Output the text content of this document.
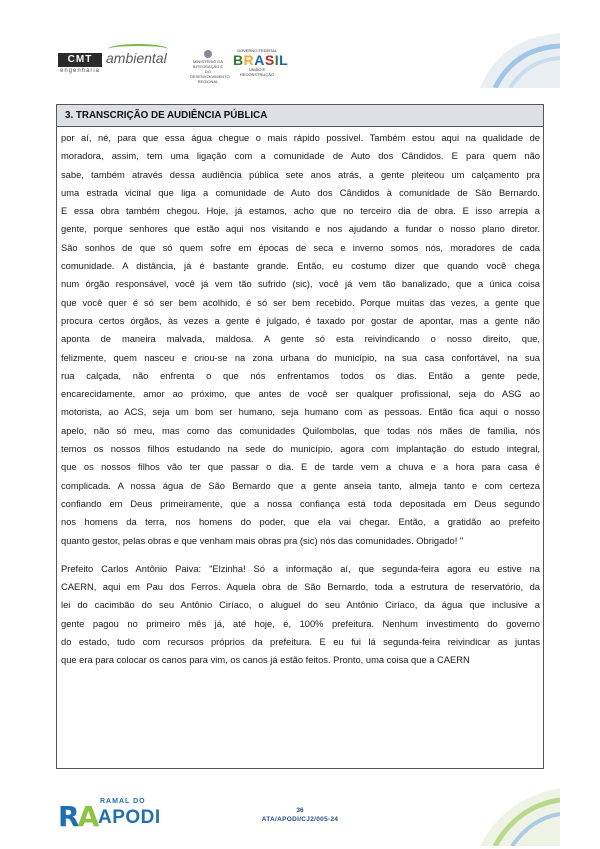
CMT
engenharia
ambiental	MINISTÉRIO DA INTEGRAÇÃO E DO DESENVOLVIMENTO REGIONAL
GOVERNO FEDERAL
BRASIL
UNIÃO E RECONSTRUÇÃO
3. TRANSCRIÇÃO DE AUDIÊNCIA PÚBLICA

por aí, né, para que essa água chegue o mais rápido possível. Também estou aqui na qualidade de

moradora, assim, tem uma ligação com a comunidade de Auto dos Cândidos. E para quem não

sabe, também através dessa audiência pública sete anos atrás, a gente pleiteou um calçamento pra

uma estrada vicinal que liga a comunidade de Auto dos Cândidos à comunidade de São Bernardo.

E essa obra também chegou. Hoje, já estamos, acho que no terceiro dia de obra. E isso arrepia a

gente, porque senhores que estão aqui nos visitando e nos ajudando a fundar o nosso plano diretor.

São sonhos de que só quem sofre em épocas de seca e inverno somos nós, moradores de cada

comunidade. A distância, já é bastante grande. Então, eu costumo dizer que quando você chega

num órgão responsável, você já vem tão sufrido (sic), você já vem tão banalizado, que a única coisa

que você quer é só ser bem acolhido, é só ser bem recebido. Porque muitas das vezes, a gente que

procura certos órgãos, às vezes a gente é julgado, é taxado por gostar de apontar, mas a gente não

aponta de maneira malvada, maldosa. A gente só esta reivindicando o nosso direito, que,

felizmente, quem nasceu e criou-se na zona urbana do município, na sua casa confortável, na sua

rua calçada, não enfrenta o que nós enfrentamos todos os dias. Então a gente pede,

encarecidamente, amor ao próximo, que antes de você ser qualquer profissional, seja do ASG ao

motorista, ao ACS, seja um bom ser humano, seja humano com as pessoas. Então fica aqui o nosso

apelo, não só meu, mas como das comunidades Quilombolas, que todas nós mães de família, nós

temos os nossos filhos estudando na sede do município, agora com implantação do estudo integral,

que os nossos filhos vão ter que passar o dia. E de tarde vem a chuva e a hora para casa é

complicada. A nossa água de São Bernardo que a gente anseia tanto, almeja tanto e com certeza

confiando em Deus primeiramente, que a nossa confiança está toda depositada em Deus segundo

nos homens da terra, nos homens do poder, que ela vai chegar. Então, a gratidão ao prefeito

quanto gestor, pelas obras e que venham mais obras pra (sic) nós das comunidades. Obrigado! "

Prefeito Carlos Antônio Paiva: "Elzinha! Só a informação aí, que segunda-feira agora eu estive na

CAERN, aqui em Pau dos Ferros. Aquela obra de São Bernardo, toda a estrutura de reservatório, da

lei do cacimbão do seu Antônio Ciríaco, o aluguel do seu Antônio Ciríaco, da água que inclusive a

gente pagou no primeiro mês já, até hoje, é, 100% prefeitura. Nenhum investimento do governo

do estado, tudo com recursos próprios da prefeitura. E eu fui lá segunda-feira reivindicar as juntas

que era para colocar os canos para vim, os canos já estão feitos. Pronto, uma coisa que a CAERN

RA RAMAL DO
APODI	36
ATA/APODI/CJ2/005-24
